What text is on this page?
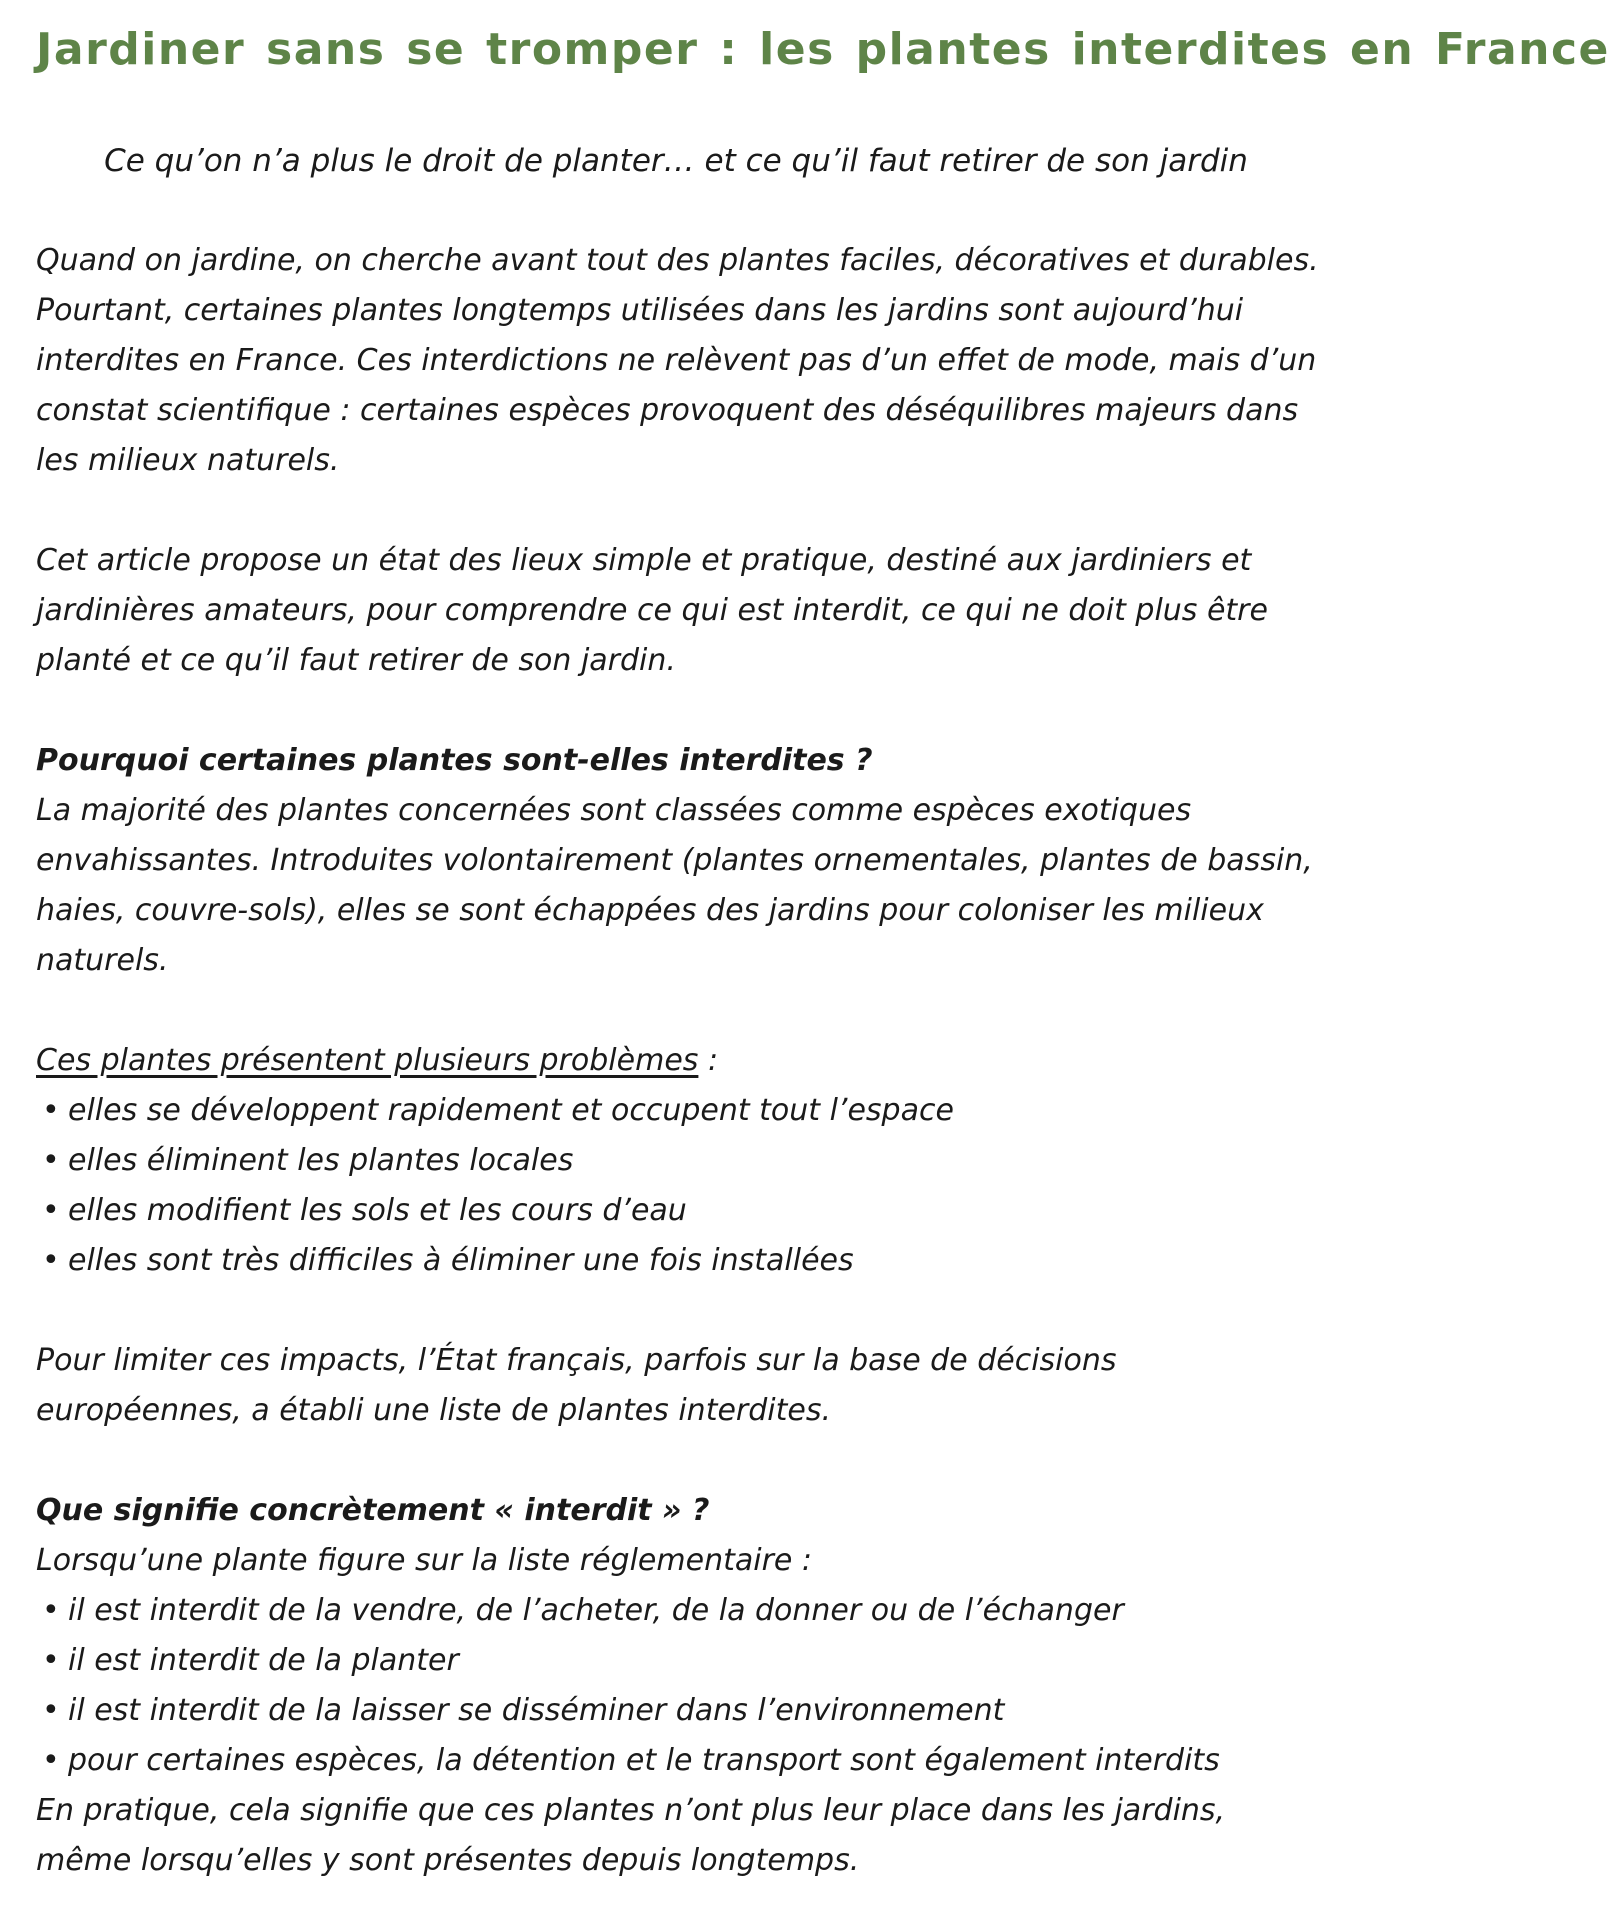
Jardiner sans se tromper : les plantes interdites en France

Ce qu’on n’a plus le droit de planter… et ce qu’il faut retirer de son jardin

Quand on jardine, on cherche avant tout des plantes faciles, décoratives et durables. Pourtant, certaines plantes longtemps utilisées dans les jardins sont aujourd’hui interdites en France. Ces interdictions ne relèvent pas d’un effet de mode, mais d’un constat scientifique : certaines espèces provoquent des déséquilibres majeurs dans les milieux naturels.

Cet article propose un état des lieux simple et pratique, destiné aux jardiniers et jardinières amateurs, pour comprendre ce qui est interdit, ce qui ne doit plus être planté et ce qu’il faut retirer de son jardin.

Pourquoi certaines plantes sont-elles interdites ?

La majorité des plantes concernées sont classées comme espèces exotiques envahissantes. Introduites volontairement (plantes ornementales, plantes de bassin, haies, couvre-sols), elles se sont échappées des jardins pour coloniser les milieux naturels.

Ces plantes présentent plusieurs problèmes :

• elles se développent rapidement et occupent tout l’espace
• elles éliminent les plantes locales
• elles modifient les sols et les cours d’eau
• elles sont très difficiles à éliminer une fois installées

Pour limiter ces impacts, l’État français, parfois sur la base de décisions européennes, a établi une liste de plantes interdites.

Que signifie concrètement « interdit » ?

Lorsqu’une plante figure sur la liste réglementaire :

• il est interdit de la vendre, de l’acheter, de la donner ou de l’échanger
• il est interdit de la planter
• il est interdit de la laisser se disséminer dans l’environnement
• pour certaines espèces, la détention et le transport sont également interdits

En pratique, cela signifie que ces plantes n’ont plus leur place dans les jardins, même lorsqu’elles y sont présentes depuis longtemps.
